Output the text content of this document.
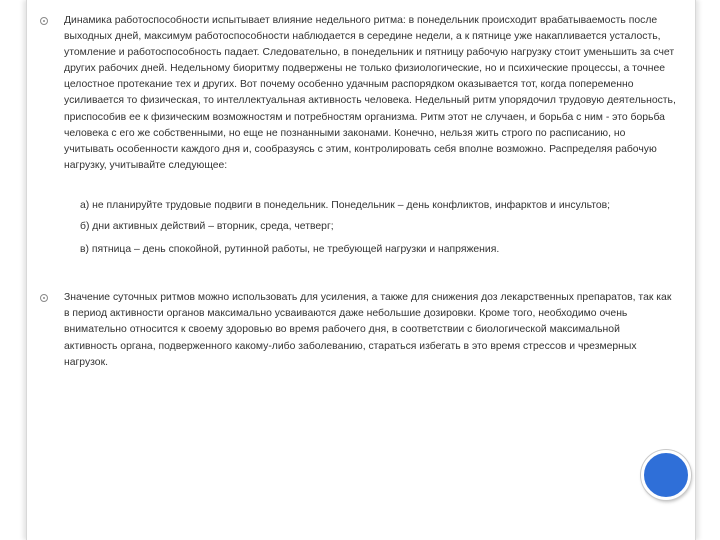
Динамика работоспособности испытывает влияние недельного ритма: в понедельник происходит врабатываемость после выходных дней, максимум работоспособности наблюдается в середине недели, а к пятнице уже накапливается усталость, утомление и работоспособность падает. Следовательно, в понедельник и пятницу рабочую нагрузку стоит уменьшить за счет других рабочих дней. Недельному биоритму подвержены не только физиологические, но и психические процессы, а точнее целостное протекание тех и других. Вот почему особенно удачным распорядком оказывается тот, когда попеременно усиливается то физическая, то интеллектуальная активность человека. Недельный ритм упорядочил трудовую деятельность, приспособив ее к физическим возможностям и потребностям организма. Ритм этот не случаен, и борьба с ним - это борьба человека с его же собственными, но еще не познанными законами. Конечно, нельзя жить строго по расписанию, но учитывать особенности каждого дня и, сообразуясь с этим, контролировать себя вполне возможно. Распределяя рабочую нагрузку, учитывайте следующее:

а) не планируйте трудовые подвиги в понедельник. Понедельник – день конфликтов, инфарктов и инсультов;

б) дни активных действий – вторник, среда, четверг;

в) пятница – день спокойной, рутинной работы, не требующей нагрузки и напряжения.

Значение суточных ритмов можно использовать для усиления, а также для снижения доз лекарственных препаратов, так как в период активности органов максимально усваиваются даже небольшие дозировки. Кроме того, необходимо очень внимательно относится к своему здоровью во время рабочего дня, в соответствии с биологической максимальной активность органа, подверженного какому-либо заболеванию, стараться избегать в это время стрессов и чрезмерных нагрузок.
